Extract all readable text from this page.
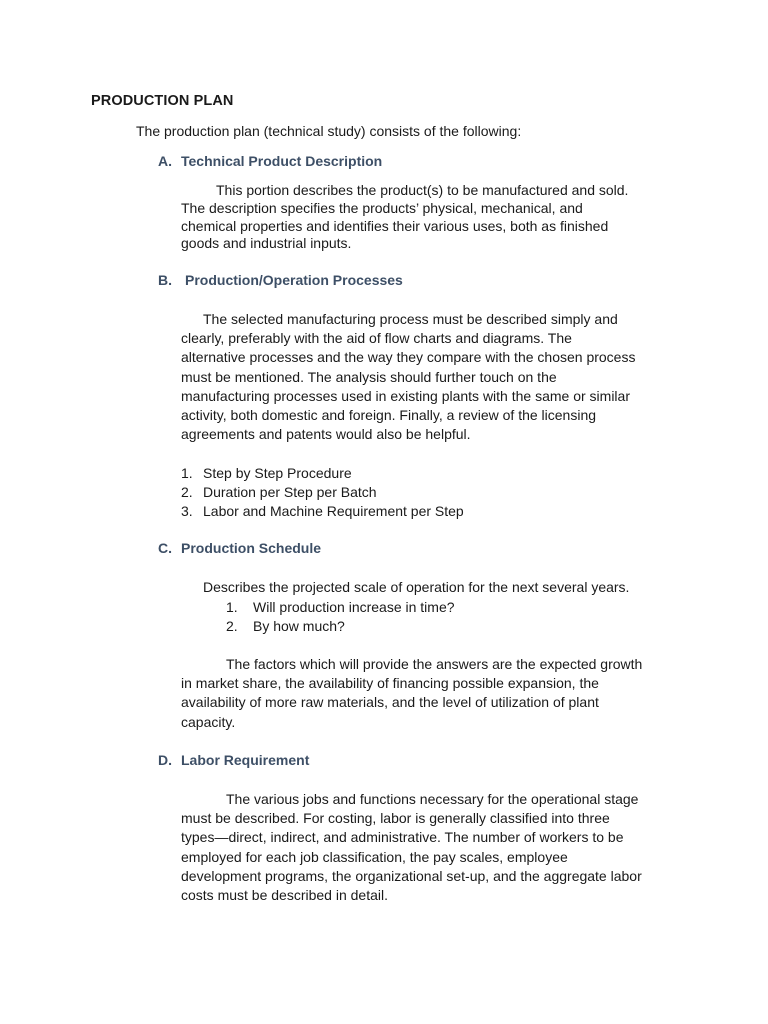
PRODUCTION PLAN
The production plan (technical study) consists of the following:
A. Technical Product Description
This portion describes the product(s) to be manufactured and sold.
The description specifies the products’ physical, mechanical, and
chemical properties and identifies their various uses, both as finished
goods and industrial inputs.
B. Production/Operation Processes
The selected manufacturing process must be described simply and
clearly, preferably with the aid of flow charts and diagrams. The
alternative processes and the way they compare with the chosen process
must be mentioned. The analysis should further touch on the
manufacturing processes used in existing plants with the same or similar
activity, both domestic and foreign. Finally, a review of the licensing
agreements and patents would also be helpful.
1. Step by Step Procedure
2. Duration per Step per Batch
3. Labor and Machine Requirement per Step
C. Production Schedule
Describes the projected scale of operation for the next several years.
1. Will production increase in time?
2. By how much?
The factors which will provide the answers are the expected growth
in market share, the availability of financing possible expansion, the
availability of more raw materials, and the level of utilization of plant
capacity.
D. Labor Requirement
The various jobs and functions necessary for the operational stage
must be described. For costing, labor is generally classified into three
types—direct, indirect, and administrative. The number of workers to be
employed for each job classification, the pay scales, employee
development programs, the organizational set-up, and the aggregate labor
costs must be described in detail.
